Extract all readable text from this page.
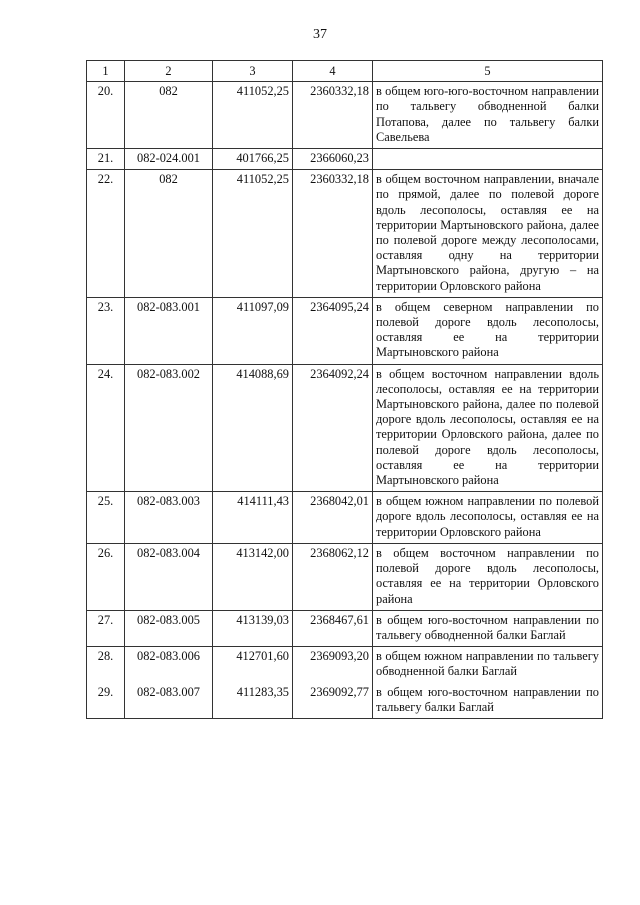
37
1	2	3	4	5
20.	082	411052,25	2360332,18	в общем юго-юго-восточном направлении по тальвегу обводненной балки Потапова, далее по тальвегу балки Савельева
21.	082-024.001	401766,25	2366060,23	
22.	082	411052,25	2360332,18	в общем восточном направлении, вначале по прямой, далее по полевой дороге вдоль лесополосы, оставляя ее на территории Мартыновского района, далее по полевой дороге между лесополосами, оставляя одну на территории Мартыновского района, другую – на территории Орловского района
23.	082-083.001	411097,09	2364095,24	в общем северном направлении по полевой дороге вдоль лесополосы, оставляя ее на территории Мартыновского района
24.	082-083.002	414088,69	2364092,24	в общем восточном направлении вдоль лесополосы, оставляя ее на территории Мартыновского района, далее по полевой дороге вдоль лесополосы, оставляя ее на территории Орловского района, далее по полевой дороге вдоль лесополосы, оставляя ее на территории Мартыновского района
25.	082-083.003	414111,43	2368042,01	в общем южном направлении по полевой дороге вдоль лесополосы, оставляя ее на территории Орловского района
26.	082-083.004	413142,00	2368062,12	в общем восточном направлении по полевой дороге вдоль лесополосы, оставляя ее на территории Орловского района
27.	082-083.005	413139,03	2368467,61	в общем юго-восточном направлении по тальвегу обводненной балки Баглай
28.	082-083.006	412701,60	2369093,20	в общем южном направлении по тальвегу обводненной балки Баглай
29.	082-083.007	411283,35	2369092,77	в общем юго-восточном направлении по тальвегу балки Баглай
